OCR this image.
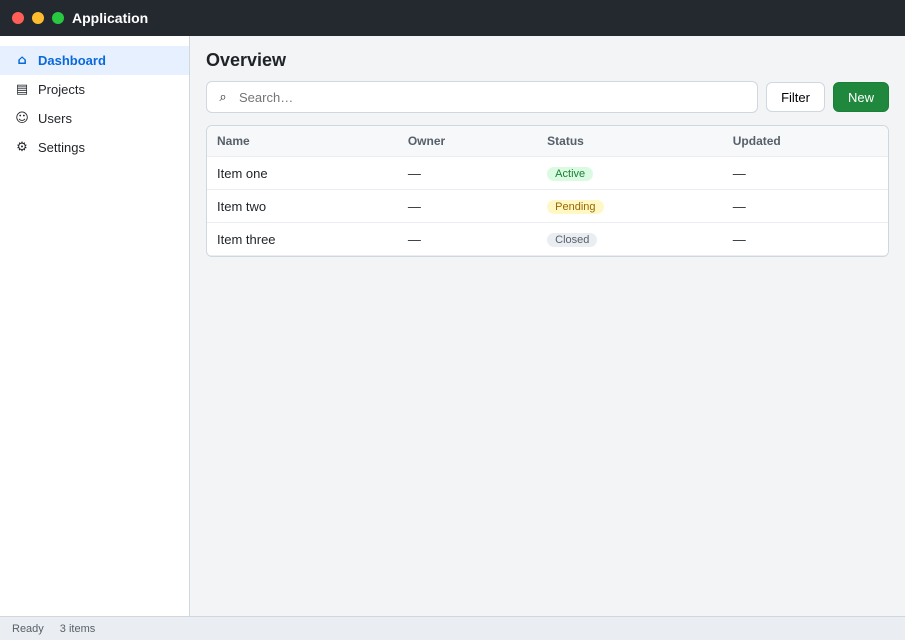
Application
⌂ Dashboard
▤ Projects
☺ Users
⚙ Settings
Overview
⌕
Search…	Filter	New
Name	Owner	Status	Updated
Item one	—	Active	—
Item two	—	Pending	—
Item three	—	Closed	—
Ready 3 items
